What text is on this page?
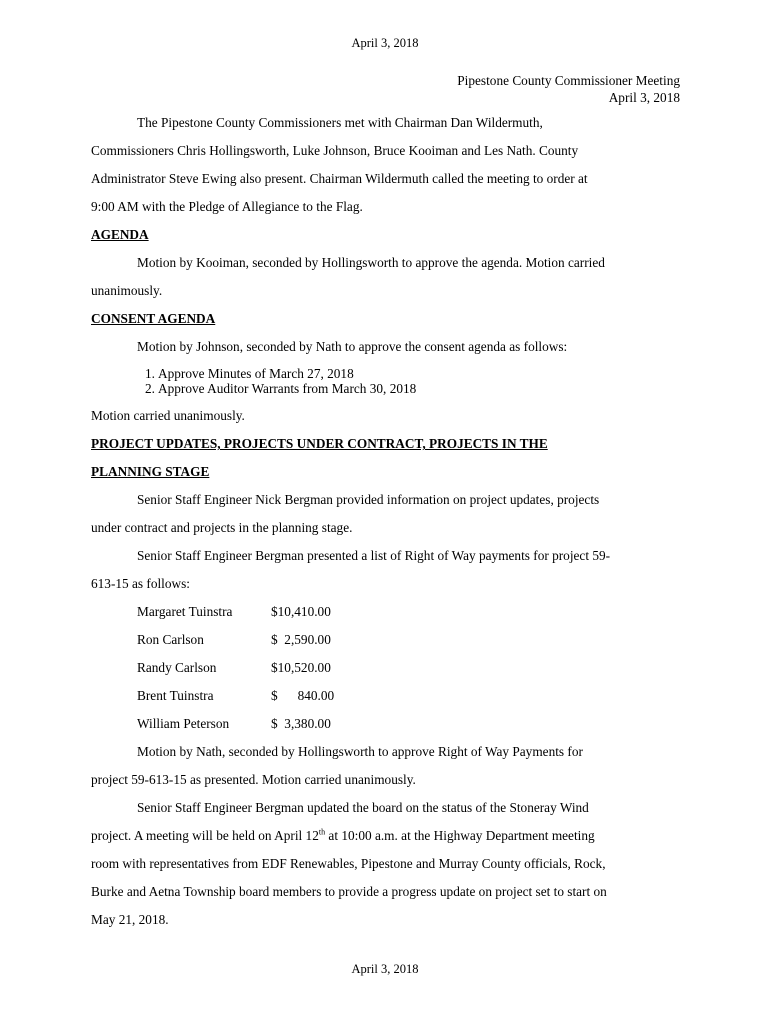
April 3, 2018
Pipestone County Commissioner Meeting
April 3, 2018
The Pipestone County Commissioners met with Chairman Dan Wildermuth,
Commissioners Chris Hollingsworth, Luke Johnson, Bruce Kooiman and Les Nath. County
Administrator Steve Ewing also present. Chairman Wildermuth called the meeting to order at
9:00 AM with the Pledge of Allegiance to the Flag.
AGENDA
Motion by Kooiman, seconded by Hollingsworth to approve the agenda. Motion carried
unanimously.
CONSENT AGENDA
Motion by Johnson, seconded by Nath to approve the consent agenda as follows:
1. Approve Minutes of March 27, 2018
2. Approve Auditor Warrants from March 30, 2018
Motion carried unanimously.
PROJECT UPDATES, PROJECTS UNDER CONTRACT, PROJECTS IN THE
PLANNING STAGE
Senior Staff Engineer Nick Bergman provided information on project updates, projects
under contract and projects in the planning stage.
Senior Staff Engineer Bergman presented a list of Right of Way payments for project 59-
613-15 as follows:
Margaret Tuinstra	$10,410.00
Ron Carlson	$  2,590.00
Randy Carlson	$10,520.00
Brent Tuinstra	$      840.00
William Peterson	$  3,380.00
Motion by Nath, seconded by Hollingsworth to approve Right of Way Payments for
project 59-613-15 as presented. Motion carried unanimously.
Senior Staff Engineer Bergman updated the board on the status of the Stoneray Wind
project. A meeting will be held on April 12th at 10:00 a.m. at the Highway Department meeting
room with representatives from EDF Renewables, Pipestone and Murray County officials, Rock,
Burke and Aetna Township board members to provide a progress update on project set to start on
May 21, 2018.
April 3, 2018
